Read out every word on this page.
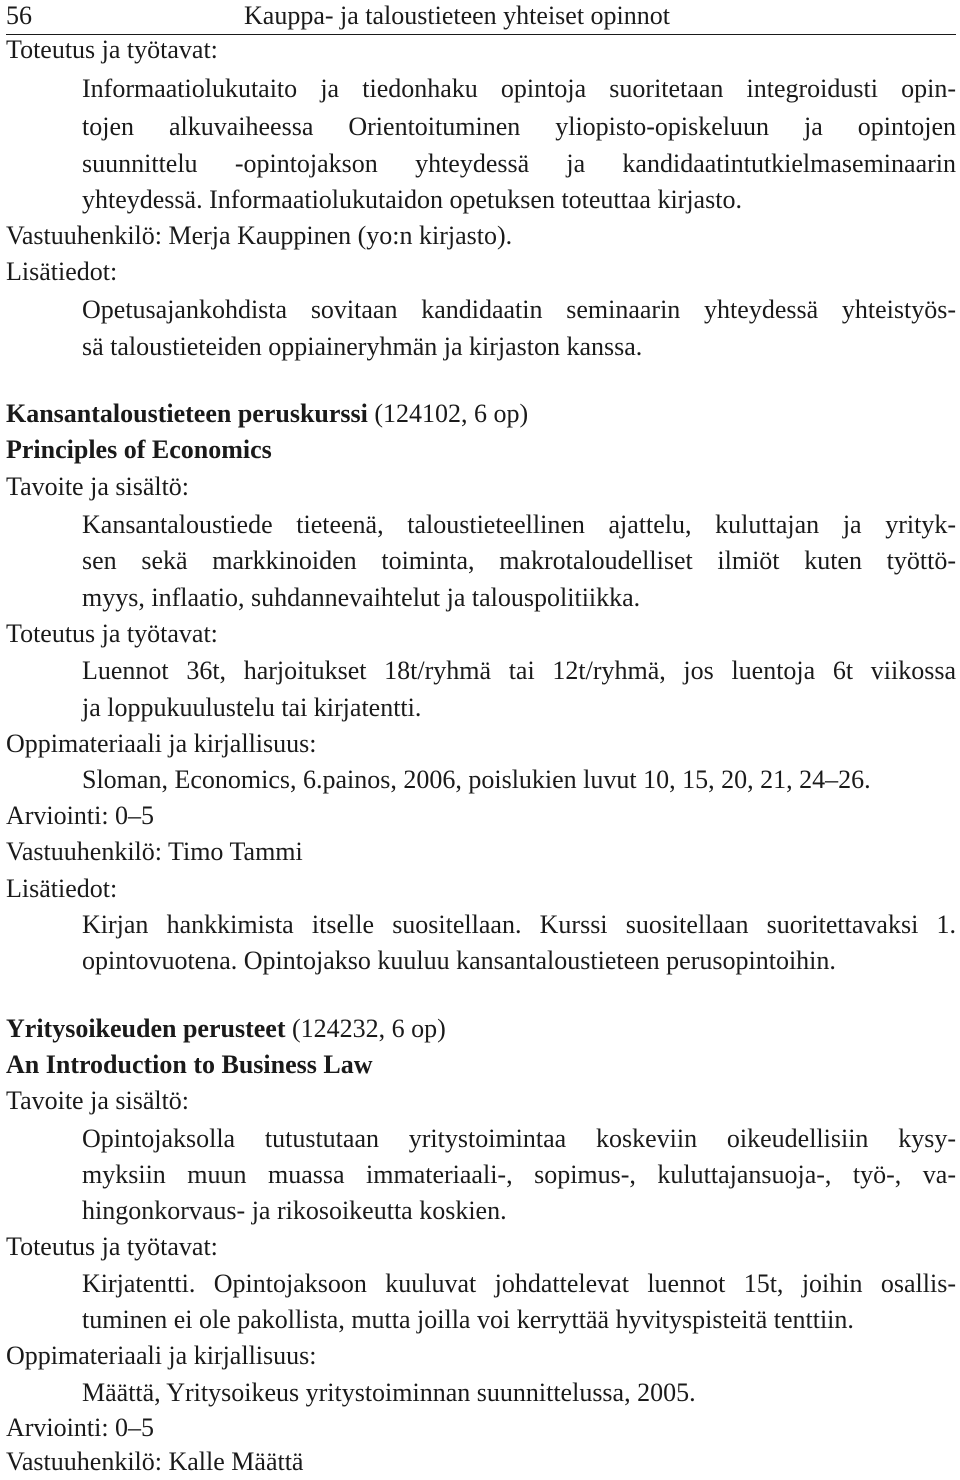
56	Kauppa- ja taloustieteen yhteiset opinnot
Toteutus ja työtavat:
Informaatiolukutaito ja tiedonhaku opintoja suoritetaan integroidusti opin-
tojen alkuvaiheessa Orientoituminen yliopisto-opiskeluun ja opintojen
suunnittelu -opintojakson yhteydessä ja kandidaatintutkielmaseminaarin
yhteydessä. Informaatiolukutaidon opetuksen toteuttaa kirjasto.
Vastuuhenkilö: Merja Kauppinen (yo:n kirjasto).
Lisätiedot:
Opetusajankohdista sovitaan kandidaatin seminaarin yhteydessä yhteistyös-
sä taloustieteiden oppiaineryhmän ja kirjaston kanssa.
Kansantaloustieteen peruskurssi (124102, 6 op)
Principles of Economics
Tavoite ja sisältö:
Kansantaloustiede tieteenä, taloustieteellinen ajattelu, kuluttajan ja yrityk-
sen sekä markkinoiden toiminta, makrotaloudelliset ilmiöt kuten työttö-
myys, inflaatio, suhdannevaihtelut ja talouspolitiikka.
Toteutus ja työtavat:
Luennot 36t, harjoitukset 18t/ryhmä tai 12t/ryhmä, jos luentoja 6t viikossa
ja loppukuulustelu tai kirjatentti.
Oppimateriaali ja kirjallisuus:
Sloman, Economics, 6.painos, 2006, poislukien luvut 10, 15, 20, 21, 24–26.
Arviointi: 0–5
Vastuuhenkilö: Timo Tammi
Lisätiedot:
Kirjan hankkimista itselle suositellaan. Kurssi suositellaan suoritettavaksi 1.
opintovuotena. Opintojakso kuuluu kansantaloustieteen perusopintoihin.
Yritysoikeuden perusteet (124232, 6 op)
An Introduction to Business Law
Tavoite ja sisältö:
Opintojaksolla tutustutaan yritystoimintaa koskeviin oikeudellisiin kysy-
myksiin muun muassa immateriaali-, sopimus-, kuluttajansuoja-, työ-, va-
hingonkorvaus- ja rikosoikeutta koskien.
Toteutus ja työtavat:
Kirjatentti. Opintojaksoon kuuluvat johdattelevat luennot 15t, joihin osallis-
tuminen ei ole pakollista, mutta joilla voi kerryttää hyvityspisteitä tenttiin.
Oppimateriaali ja kirjallisuus:
Määttä, Yritysoikeus yritystoiminnan suunnittelussa, 2005.
Arviointi: 0–5
Vastuuhenkilö: Kalle Määttä
